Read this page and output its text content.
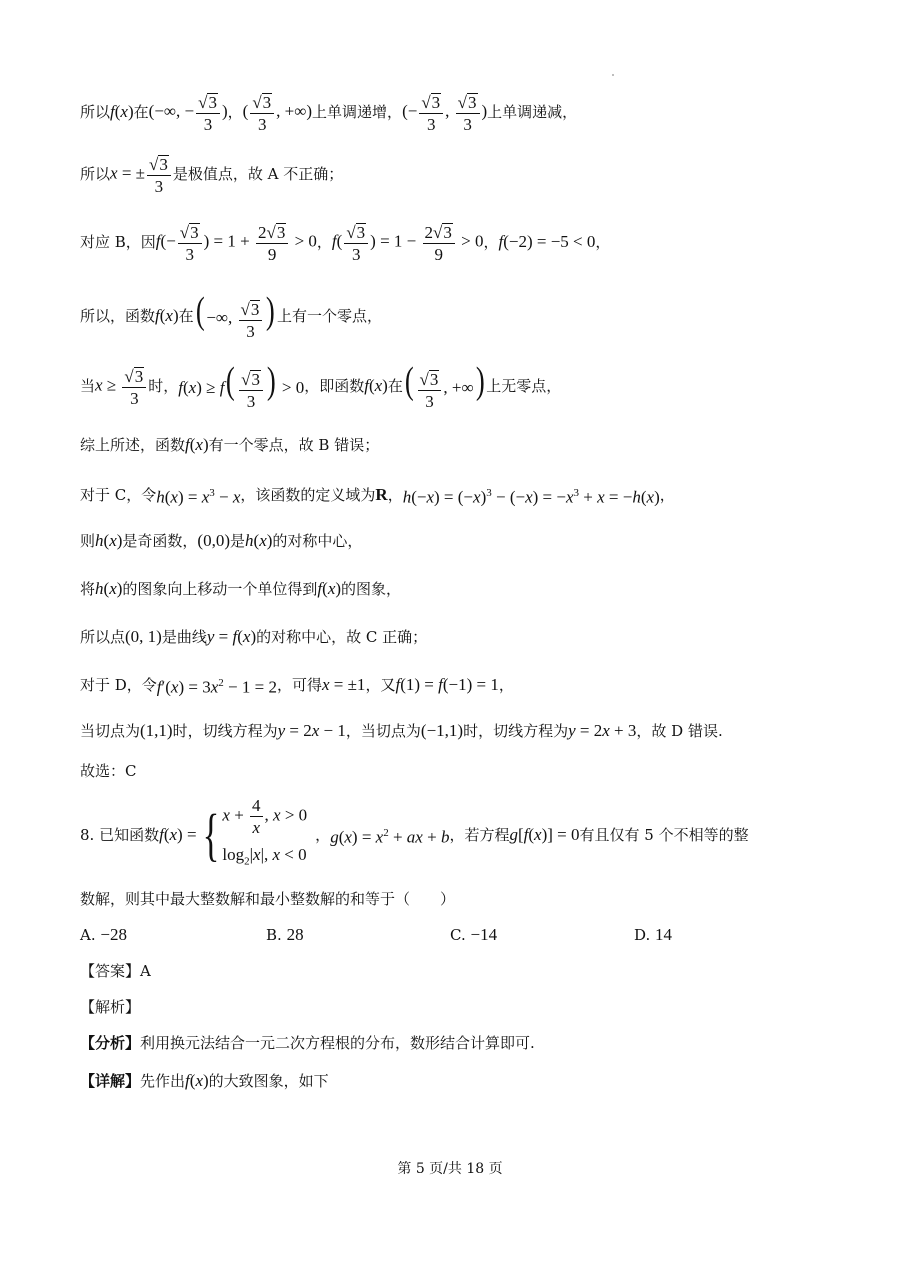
所以 f(x) 在 (−∞, − $\frac{√ 3}{3}$ ) ， ( $\frac{√ 3}{3}$ , +∞) 上单调递增， (− $\frac{√ 3}{3}$ , $\frac{√ 3}{3}$ ) 上单调递减，
所以 x = ± $\frac{√ 3}{3}$ 是极值点，故 A 不正确；
对应 B，因 $f(- \frac{√ 3}{3}$ ) = $1 + \frac{2 √ 3}{9} > 0$ ， $f( \frac{√ 3}{3}$ ) = $1 - \frac{2 √ 3}{9} > 0$ ， f(−2) = −5 < 0 ，
所以，函数 f(x) 在 ( −∞, $\frac{√ 3}{3}$ ) 上有一个零点，
当 $x \ge \frac{√ 3}{3}$ 时， $f(x) \ge f( \frac{√ 3}{3}$ ) > 0 ，即函数 f(x) 在 ( $\frac{√ 3}{3}$ , +∞) 上无零点，
综上所述，函数 f(x) 有一个零点，故 B 错误；
对于 C，令 $h(x) = x^3 - x$ ，该函数的定义域为 R ， $h(-x) = (-x)^3 - (-x) = -x^3 + x = -h(x)$ ，
则 h(x) 是奇函数， (0,0) 是 h(x) 的对称中心，
将 h(x) 的图象向上移动一个单位得到 f(x) 的图象，
所以点 (0, 1) 是曲线 y = f(x) 的对称中心，故 C 正确；
对于 D，令 $f'(x) = 3x^2 - 1 = 2$ ，可得 x = ±1 ，又 f(1) = f(−1) = 1 ，
当切点为 (1,1) 时，切线方程为 y = 2x − 1 ，当切点为 (−1,1) 时，切线方程为 y = 2x + 3 ，故 D 错误.
故选：C
8. 已知函数 f(x) = { $x + \frac{4}{x}$ , x > 0
$\log_2|x|$, x < 0
， $g(x) = x^2$ + ax + b ，若方程 g[f(x)] = 0 有且仅有 5 个不相等的整
数解，则其中最大整数解和最小整数解的和等于（　　）
A. −28	B. 28	C. −14	D. 14
【答案】A
【解析】
【分析】 利用换元法结合一元二次方程根的分布，数形结合计算即可.
【详解】 先作出 f(x) 的大致图象，如下
第 5 页/共 18 页
